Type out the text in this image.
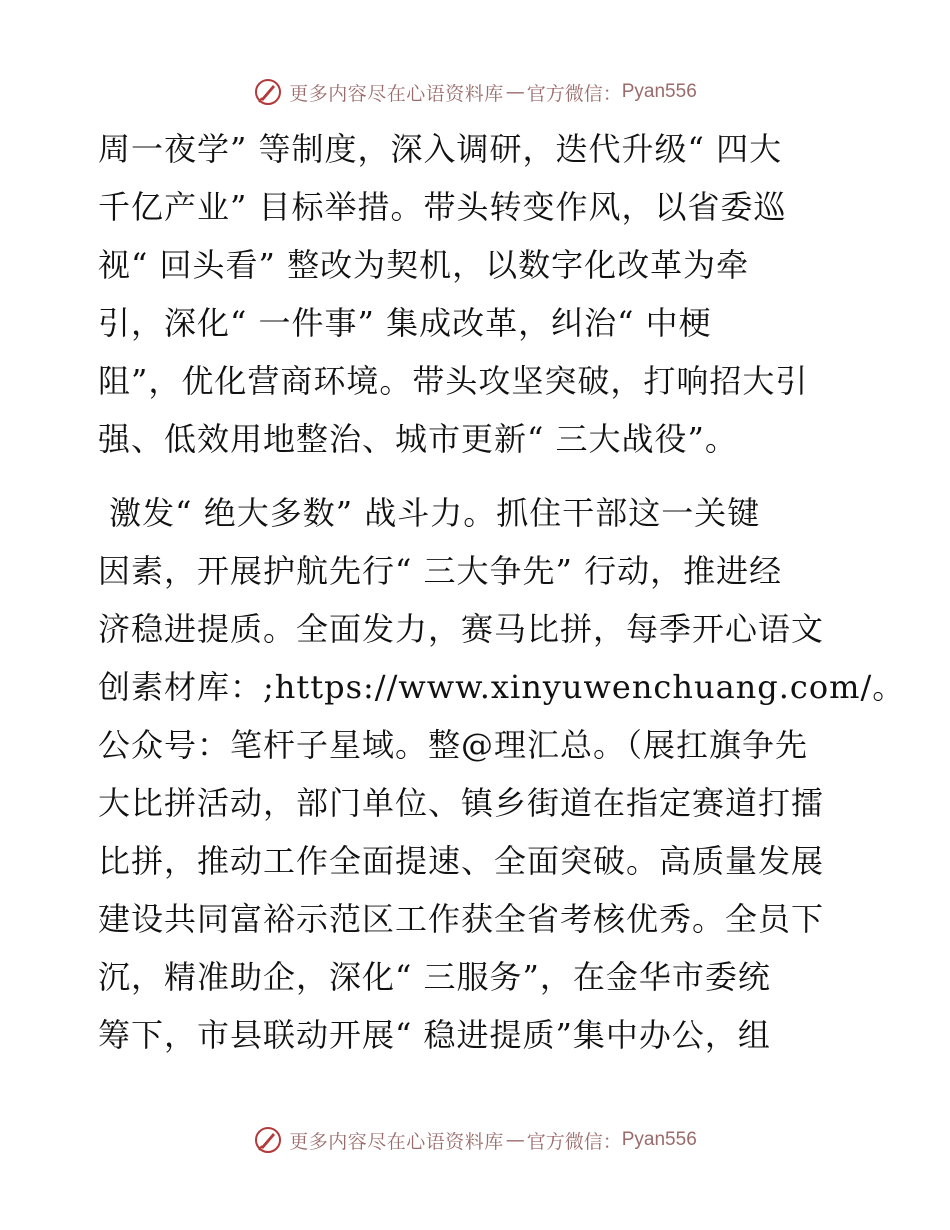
更多内容尽在心语资料库 — 官方微信： Pyan556
周一夜学” 等制度，深入调研，迭代升级“ 四大
千亿产业” 目标举措。带头转变作风，以省委巡
视“ 回头看” 整改为契机，以数字化改革为牵
引，深化“ 一件事” 集成改革，纠治“ 中梗
阻”，优化营商环境。带头攻坚突破，打响招大引
强、低效用地整治、城市更新“ 三大战役”。
激发“ 绝大多数” 战斗力。抓住干部这一关键
因素，开展护航先行“ 三大争先” 行动，推进经
济稳进提质。全面发力，赛马比拼，每季开心语文
创素材库：;https://www.xinyuwenchuang.com/。
公众号：笔杆子星域。整@理汇总。（展扛旗争先
大比拼活动，部门单位、镇乡街道在指定赛道打擂
比拼，推动工作全面提速、全面突破。高质量发展
建设共同富裕示范区工作获全省考核优秀。全员下
沉，精准助企，深化“ 三服务”，在金华市委统
筹下，市县联动开展“ 稳进提质”集中办公，组
更多内容尽在心语资料库 — 官方微信： Pyan556
